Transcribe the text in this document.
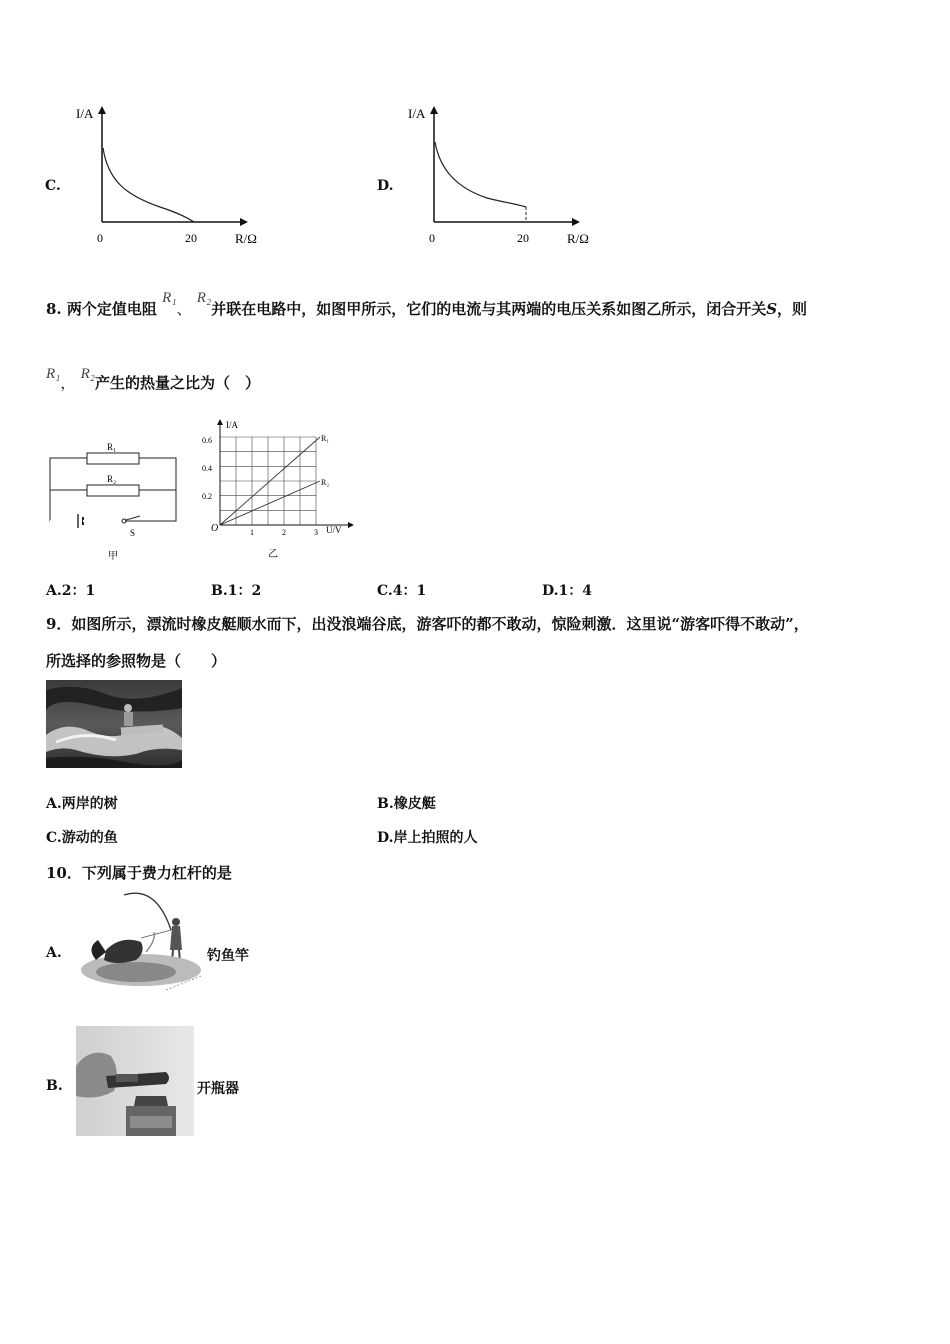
C.
I/A
R/Ω
0	20
D.
I/A
R/Ω
0	20
8. 两个定值电阻 R₁、 R₂并联在电路中，如图甲所示，它们的电流与其两端的电压关系如图乙所示，闭合开关S，则
R₁， R₂产生的热量之比为（　）
R₁
R₂
S
甲
I/A
U/V
O
0.6
0.4
0.2
1	2	3
R₁
R₂
乙
A.2：1	B.1：2	C.4：1	D.1：4
9．如图所示，漂流时橡皮艇顺水而下，出没浪端谷底，游客吓的都不敢动，惊险刺激．这里说“游客吓得不敢动”，
所选择的参照物是（　　）
A.两岸的树	B.橡皮艇
C.游动的鱼	D.岸上拍照的人
10．下列属于费力杠杆的是
A.	钓鱼竿
B.	开瓶器
